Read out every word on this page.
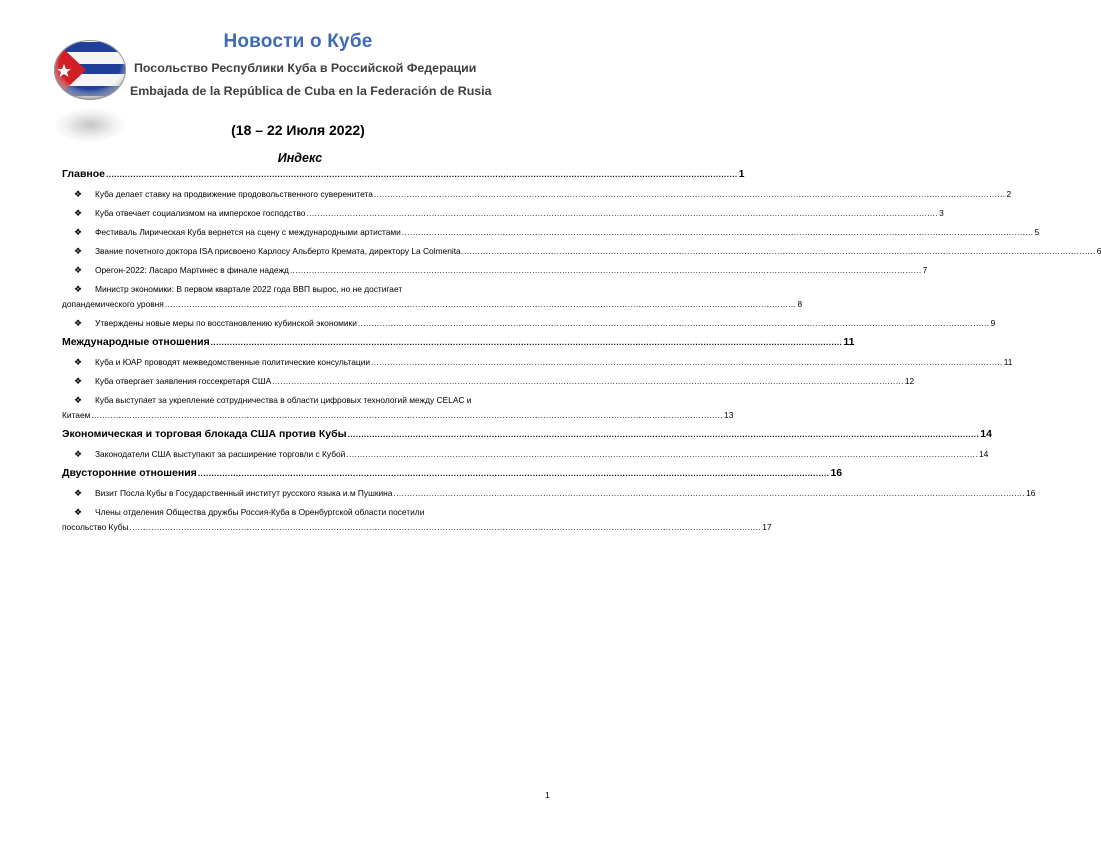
Новости о Кубе
Посольство Республики Куба в Российской Федерации
Embajada de la República de Cuba en la Federación de Rusia
(18 – 22 Июля 2022)
Индекс
Главное .....	1
❖ Куба делает ставку на продвижение продовольственного суверенитета .....	2
❖ Куба отвечает социализмом на имперское господство .....	3
❖ Фестиваль Лирическая Куба вернется на сцену с международными артистами .....	5
❖ Звание почетного доктора ISA присвоено Карлосу Альберто Кремата, директору La Colmenita. .....	6
❖ Орегон-2022: Ласаро Мартинес в финале надежд .....	7
❖ Министр экономики: В первом квартале 2022 года ВВП вырос, но не достигает
допандемического уровня .....	8
❖ Утверждены новые меры по восстановлению кубинской экономики .....	9
Международные отношения .....	11
❖ Куба и ЮАР проводят межведомственные политические консультации .....	11
❖ Куба отвергает заявления госсекретаря США .....	12
❖ Куба выступает за укрепление сотрудничества в области цифровых технологий между CELAC и
Китаем .....	13
Экономическая и торговая блокада США против Кубы .....	14
❖ Законодатели США выступают за расширение торговли с Кубой .....	14
Двусторонние отношения .....	16
❖ Визит Посла Кубы в Государственный институт русского языка и.м Пушкина .....	16
❖ Члены отделения Общества дружбы Россия-Куба в Оренбургской области посетили
посольство Кубы .....	17
1
